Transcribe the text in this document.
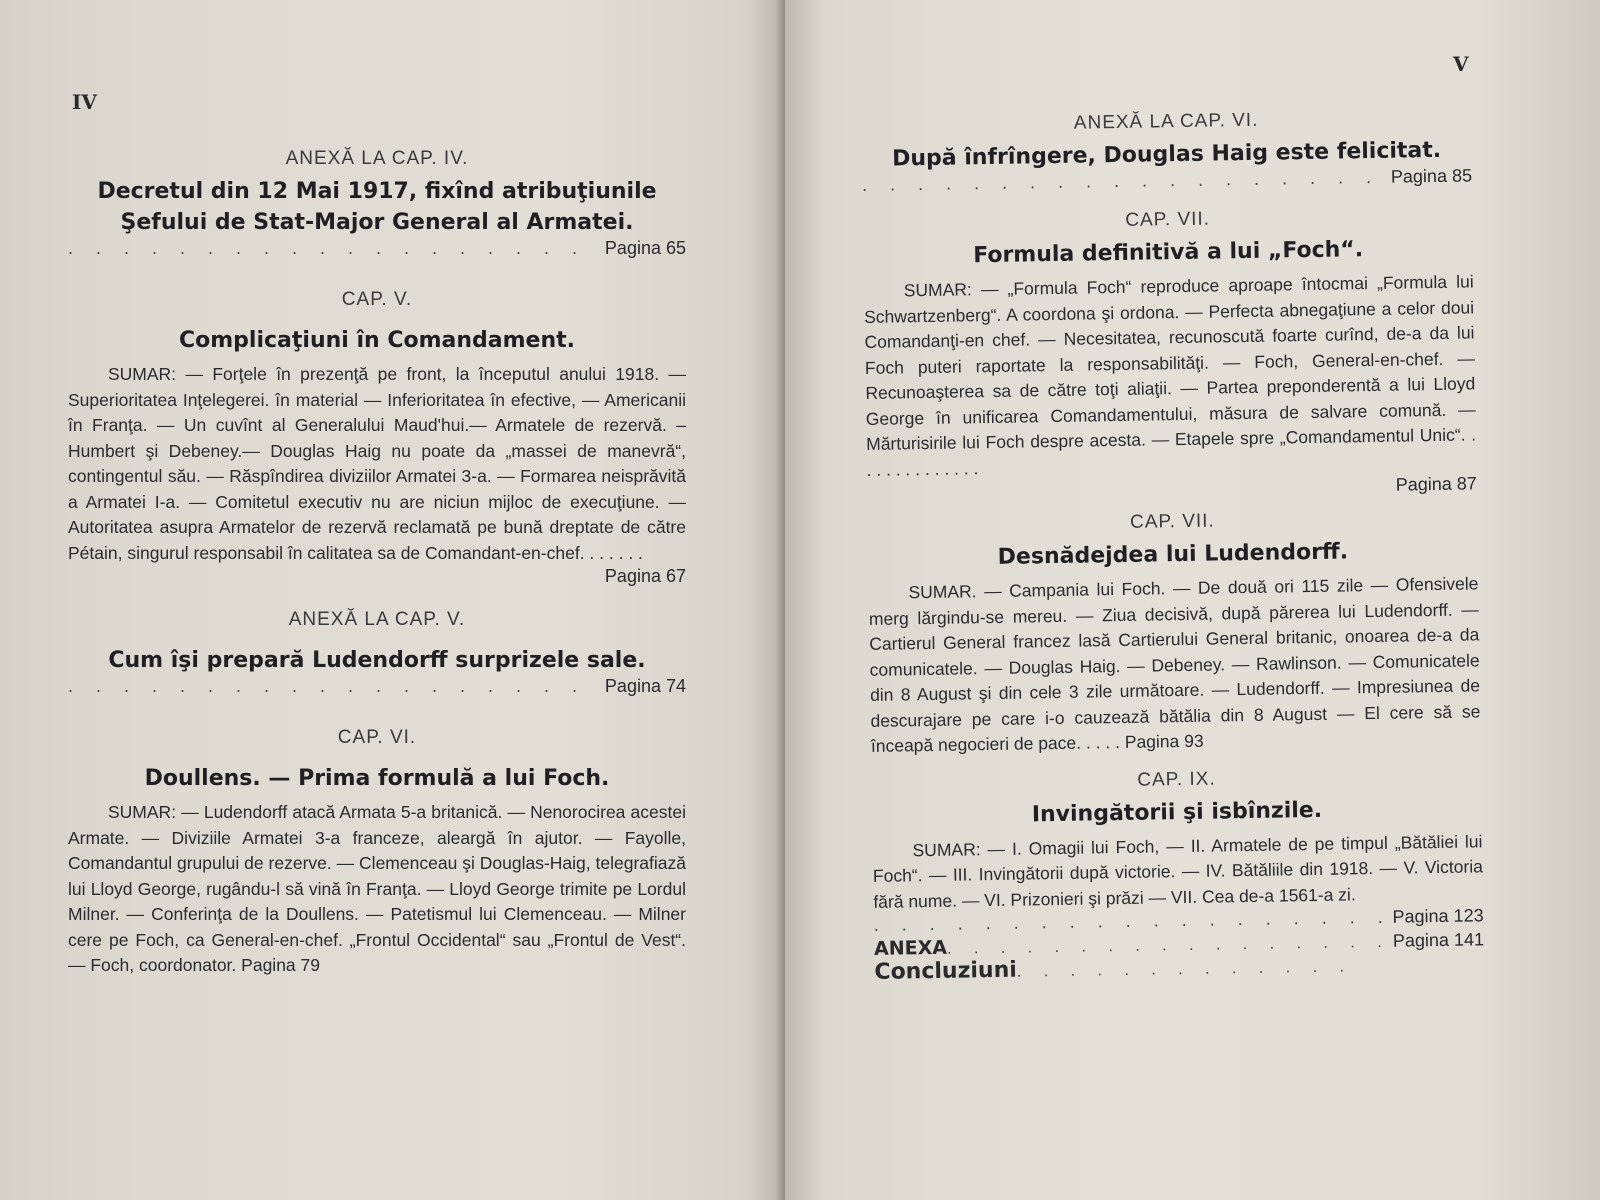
IV

ANEXĂ LA CAP. IV.

Decretul din 12 Mai 1917, fixînd atribuţiunile Şefului de Stat-Major General al Armatei.

. . .
Pagina 65

CAP. V.

Complicaţiuni în Comandament.

SUMAR: — Forţele în prezenţă pe front, la începutul anului 1918. — Superioritatea Inţelegerei. în material — Inferioritatea în efective, — Americanii în Franţa. — Un cuvînt al Generalului Maud'hui.— Armatele de rezervă. – Humbert şi Debeney.— Douglas Haig nu poate da „massei de manevră“, contingentul său. — Răspîndirea diviziilor Armatei 3-a. — Formarea neisprăvită a Armatei I-a. — Comitetul executiv nu are niciun mijloc de execuţiune. — Autoritatea asupra Armatelor de rezervă reclamată pe bună dreptate de către Pétain, singurul responsabil în calitatea sa de Comandant-en-chef. . . . . . .

Pagina 67

ANEXĂ LA CAP. V.

Cum îşi prepară Ludendorff surprizele sale.

. . .
Pagina 74

CAP. VI.

Doullens. — Prima formulă a lui Foch.

SUMAR: — Ludendorff atacă Armata 5-a britanică. — Nenorocirea acestei Armate. — Diviziile Armatei 3-a franceze, aleargă în ajutor. — Fayolle, Comandantul grupului de rezerve. — Clemenceau şi Douglas-Haig, telegrafiază lui Lloyd George, rugându-l să vină în Franţa. — Lloyd George trimite pe Lordul Milner. — Conferinţa de la Doullens. — Patetismul lui Clemenceau. — Milner cere pe Foch, ca General-en-chef. „Frontul Occidental“ sau „Frontul de Vest“. — Foch, coordonator. Pagina 79

V

ANEXĂ LA CAP. VI.

După înfrîngere, Douglas Haig este felicitat.

. . .
Pagina 85

CAP. VII.

Formula definitivă a lui „Foch“.

SUMAR: — „Formula Foch“ reproduce aproape întocmai „Formula lui Schwartzenberg“. A coordona şi ordona. — Perfecta abnegaţiune a celor doui Comandanţi-en chef. — Necesitatea, recunoscută foarte curînd, de-a da lui Foch puteri raportate la responsabilităţi. — Foch, General-en-chef. — Recunoaşterea sa de către toţi aliaţii. — Partea preponderentă a lui Lloyd George în unificarea Comandamentului, măsura de salvare comună. — Mărturisirile lui Foch despre acesta. — Etapele spre „Comandamentul Unic“. . . . . . . . . . . . . .

Pagina 87

CAP. VII.

Desnădejdea lui Ludendorff.

SUMAR. — Campania lui Foch. — De două ori 115 zile — Ofensivele merg lărgindu-se mereu. — Ziua decisivă, după părerea lui Ludendorff. — Cartierul General francez lasă Cartierului General britanic, onoarea de-a da comunicatele. — Douglas Haig. — Debeney. — Rawlinson. — Comunicatele din 8 August şi din cele 3 zile următoare. — Ludendorff. — Impresiunea de descurajare pe care i-o cauzează bătălia din 8 August — El cere să se înceapă negocieri de pace. . . . . Pagina 93

CAP. IX.

Invingătorii şi isbînzile.

SUMAR: — I. Omagii lui Foch, — II. Armatele de pe timpul „Bătăliei lui Foch“. — III. Invingătorii după victorie. — IV. Bătăliile din 1918. — V. Victoria fără nume. — VI. Prizonieri şi prăzi — VII. Cea de-a 1561-a zi.

. . .
Pagina 123
ANEXA
. . .	Pagina 141
Concluziuni
. . .
